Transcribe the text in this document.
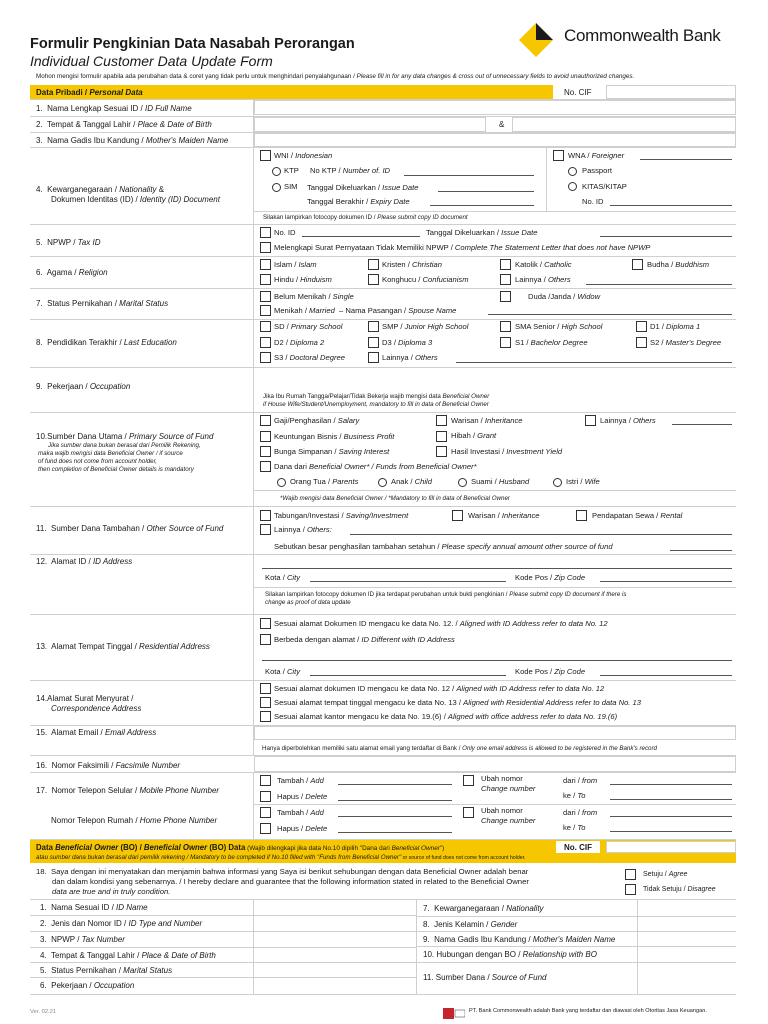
Formulir Pengkinian Data Nasabah Perorangan
Individual Customer Data Update Form
Commonwealth Bank
Mohon mengisi formulir apabila ada perubahan data & coret yang tidak perlu untuk menghindari penyalahgunaan / Please fill in for any data changes & cross out of unnecessary fields to avoid unauthorized changes.
Data Pribadi / Personal Data	No. CIF
1. Nama Lengkap Sesuai ID / ID Full Name
2. Tempat & Tanggal Lahir / Place & Date of Birth	&
3. Nama Gadis Ibu Kandung / Mother's Maiden Name
4. Kewarganegaraan / Nationality &
Dokumen Identitas (ID) / Identity (ID) Document
WNI / Indonesian	WNA / Foreigner
KTP No KTP / Number of. ID	Passport
SIM Tanggal Dikeluarkan / Issue Date	KITAS/KITAP
Tanggal Berakhir / Expiry Date	No. ID
Silakan lampirkan fotocopy dokumen ID / Please submit copy ID document
5. NPWP / Tax ID
No. ID	Tanggal Dikeluarkan / Issue Date
Melengkapi Surat Pernyataan Tidak Memiliki NPWP / Complete The Statement Letter that does not have NPWP
6. Agama / Religion
Islam / Islam	Kristen / Christian	Katolik / Catholic	Budha / Buddhism
Hindu / Hinduism	Konghucu / Confucianism	Lainnya / Others
7. Status Pernikahan / Marital Status
Belum Menikah / Single	Duda /Janda / Widow
Menikah / Married – Nama Pasangan / Spouse Name
8. Pendidikan Terakhir / Last Education
SD / Primary School	SMP / Junior High School	SMA Senior / High School	D1 / Diploma 1
D2 / Diploma 2	D3 / Diploma 3	S1 / Bachelor Degree	S2 / Master's Degree
S3 / Doctoral Degree	Lainnya / Others
9. Pekerjaan / Occupation
Jika Ibu Rumah Tangga/Pelajar/Tidak Bekerja wajib mengisi data Beneficial Owner
if House Wife/Student/Unemployment, mandatory to fill in data of Beneficial Owner
10.Sumber Dana Utama / Primary Source of Fund
Jika sumber dana bukan berasal dari Pemilik Rekening,
maka wajib mengisi data Beneficial Owner / if source
of fund does not come from account holder,
then completion of Beneficial Owner details is mandatory
Gaji/Penghasilan / Salary	Warisan / Inheritance	Lainnya / Others
Keuntungan Bisnis / Business Profit	Hibah / Grant
Bunga Simpanan / Saving Interest	Hasil Investasi / Investment Yield
Dana dari Beneficial Owner* / Funds from Beneficial Owner*
Orang Tua / Parents	Anak / Child	Suami / Husband	Istri / Wife
*Wajib mengisi data Beneficial Owner / *Mandatory to fill in data of Beneficial Owner
11. Sumber Dana Tambahan / Other Source of Fund
Tabungan/Investasi / Saving/Investment	Warisan / Inheritance	Pendapatan Sewa / Rental
Lainnya / Others:
Sebutkan besar penghasilan tambahan setahun / Please specify annual amount other source of fund
12. Alamat ID / ID Address
Kota / City	Kode Pos / Zip Code
Silakan lampirkan fotocopy dokumen ID jika terdapat perubahan untuk bukti pengkinian / Please submit copy ID document if there is
change as proof of data update
13. Alamat Tempat Tinggal / Residential Address
Sesuai alamat Dokumen ID mengacu ke data No. 12. / Aligned with ID Address refer to data No. 12
Berbeda dengan alamat / ID Different with ID Address
Kota / City	Kode Pos / Zip Code
14.Alamat Surat Menyurat /
Correspondence Address
Sesuai alamat dokumen ID mengacu ke data No. 12 / Aligned with ID Address refer to data No. 12
Sesuai alamat tempat tinggal mengacu ke data No. 13 / Aligned with Residential Address refer to data No. 13
Sesuai alamat kantor mengacu ke data No. 19.(6) / Aligned with office address refer to data No. 19.(6)
15. Alamat Email / Email Address
Hanya diperbolehkan memiliki satu alamat email yang terdaftar di Bank / Only one email address is allowed to be registered in the Bank's record
16. Nomor Faksimili / Facsimile Number
17. Nomor Telepon Selular / Mobile Phone Number
Tambah / Add
Hapus / Delete
Ubah nomor
Change number
dari / from
ke / To
Nomor Telepon Rumah / Home Phone Number
Tambah / Add
Hapus / Delete
Ubah nomor
Change number
dari / from
ke / To
Data Beneficial Owner (BO) / Beneficial Owner (BO) Data (Wajib dilengkapi jika data No.10 dipilih "Dana dari Beneficial Owner")
atau sumber dana bukan berasal dari pemilik rekening / Mandatory to be completed if No.10 filled with "Funds from Beneficial Owner" or source of fund does not come from account holder.
No. CIF
18. Saya dengan ini menyatakan dan menjamin bahwa informasi yang Saya isi berikut sehubungan dengan data Beneficial Owner adalah benar
dan dalam kondisi yang sebenarnya. / I hereby declare and guarantee that the following information stated in related to the Beneficial Owner
data are true and in truly condition.
Setuju / Agree
Tidak Setuju / Disagree
1. Nama Sesuai ID / ID Name
2. Jenis dan Nomor ID / ID Type and Number
3. NPWP / Tax Number
4. Tempat & Tanggal Lahir / Place & Date of Birth
5. Status Pernikahan / Marital Status
6. Pekerjaan / Occupation
7. Kewarganegaraan / Nationality
8. Jenis Kelamin / Gender
9. Nama Gadis Ibu Kandung / Mother's Maiden Name
10. Hubungan dengan BO / Relationship with BO
11. Sumber Dana / Source of Fund
Ver. 02.21	PT. Bank Commonwealth adalah Bank yang terdaftar dan diawasi oleh Otoritas Jasa Keuangan.
